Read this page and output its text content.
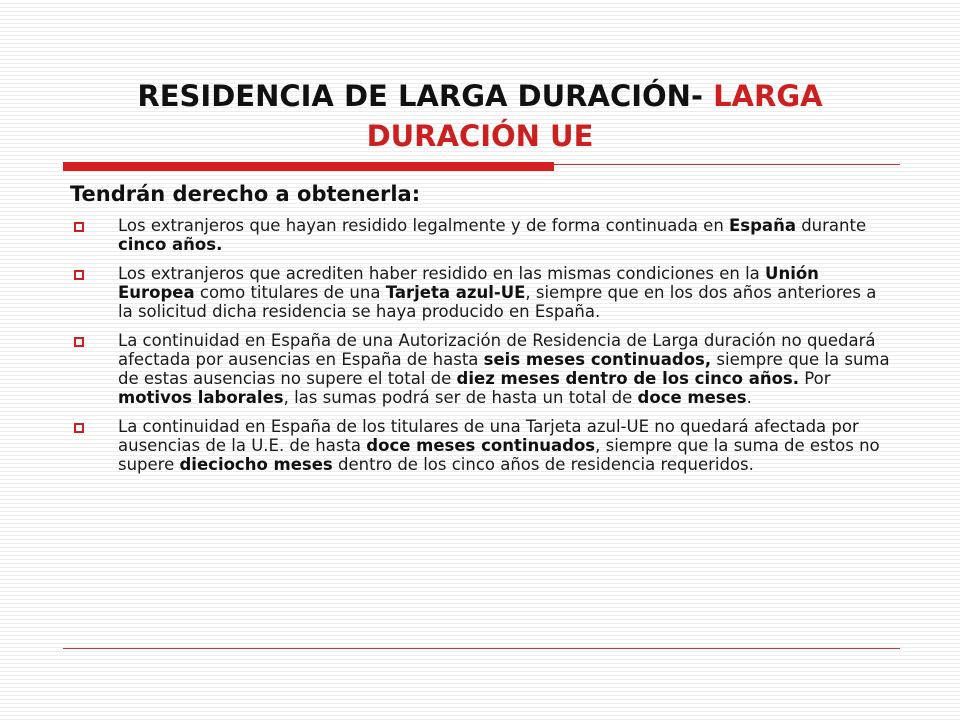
RESIDENCIA DE LARGA DURACIÓN- LARGA DURACIÓN UE
Tendrán derecho a obtenerla:
Los extranjeros que hayan residido legalmente y de forma continuada en España durante cinco años.
Los extranjeros que acrediten haber residido en las mismas condiciones en la Unión Europea como titulares de una Tarjeta azul-UE, siempre que en los dos años anteriores a la solicitud dicha residencia se haya producido en España.
La continuidad en España de una Autorización de Residencia de Larga duración no quedará afectada por ausencias en España de hasta seis meses continuados, siempre que la suma de estas ausencias no supere el total de diez meses dentro de los cinco años. Por motivos laborales, las sumas podrá ser de hasta un total de doce meses.
La continuidad en España de los titulares de una Tarjeta azul-UE no quedará afectada por ausencias de la U.E. de hasta doce meses continuados, siempre que la suma de estos no supere dieciocho meses dentro de los cinco años de residencia requeridos.
